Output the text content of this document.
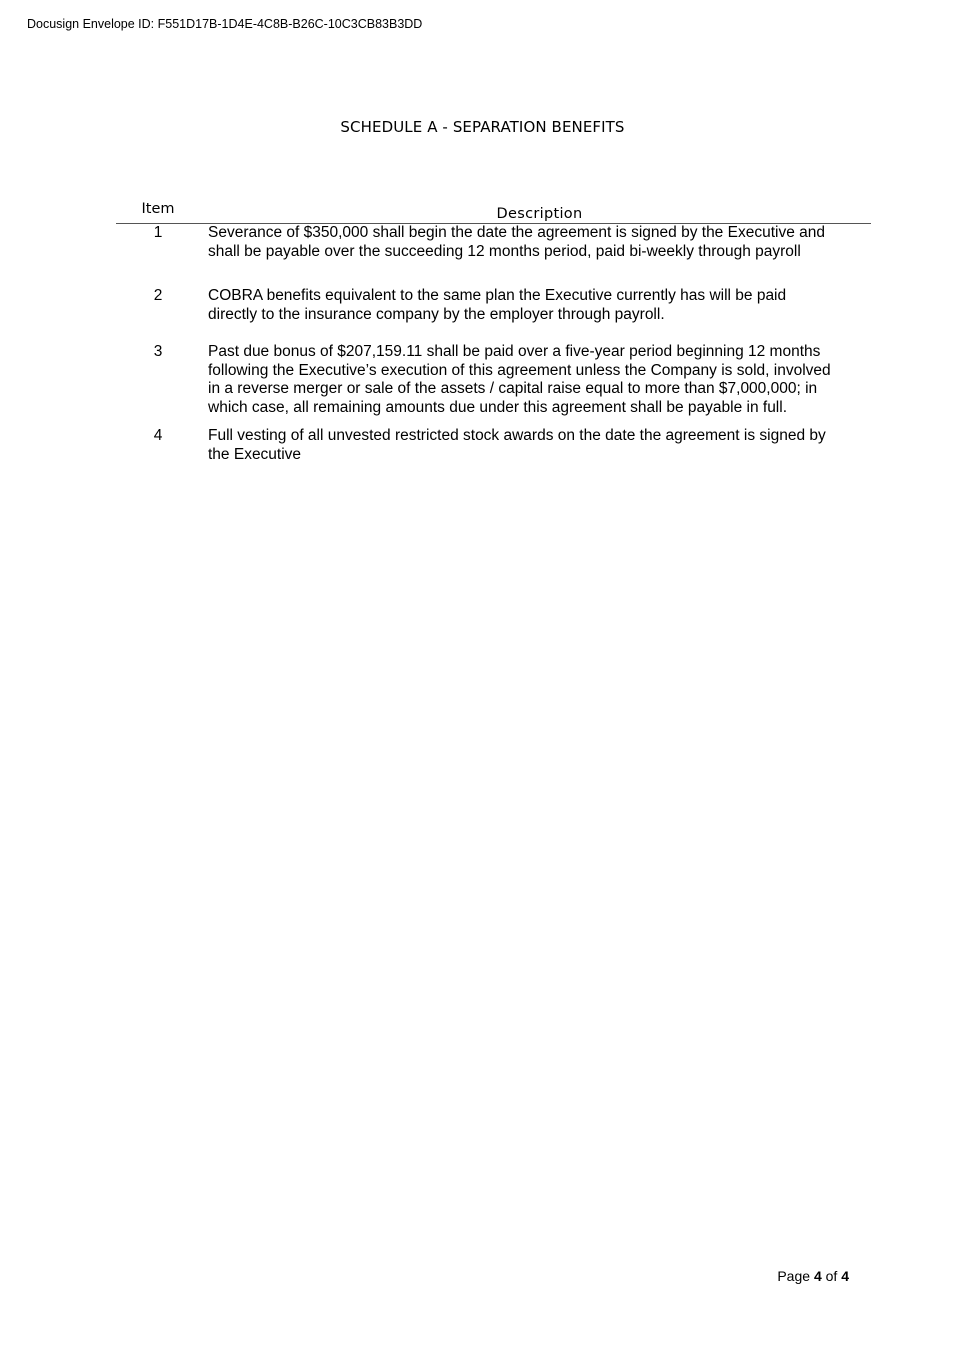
Docusign Envelope ID: F551D17B-1D4E-4C8B-B26C-10C3CB83B3DD
SCHEDULE A - SEPARATION BENEFITS
Item	Description
1	Severance of $350,000 shall begin the date the agreement is signed by the Executive and
shall be payable over the succeeding 12 months period, paid bi-weekly through payroll
2	COBRA benefits equivalent to the same plan the Executive currently has will be paid
directly to the insurance company by the employer through payroll.
3	Past due bonus of $207,159.11 shall be paid over a five-year period beginning 12 months
following the Executive’s execution of this agreement unless the Company is sold, involved
in a reverse merger or sale of the assets / capital raise equal to more than $7,000,000; in
which case, all remaining amounts due under this agreement shall be payable in full.
4	Full vesting of all unvested restricted stock awards on the date the agreement is signed by
the Executive
Page 4 of 4
